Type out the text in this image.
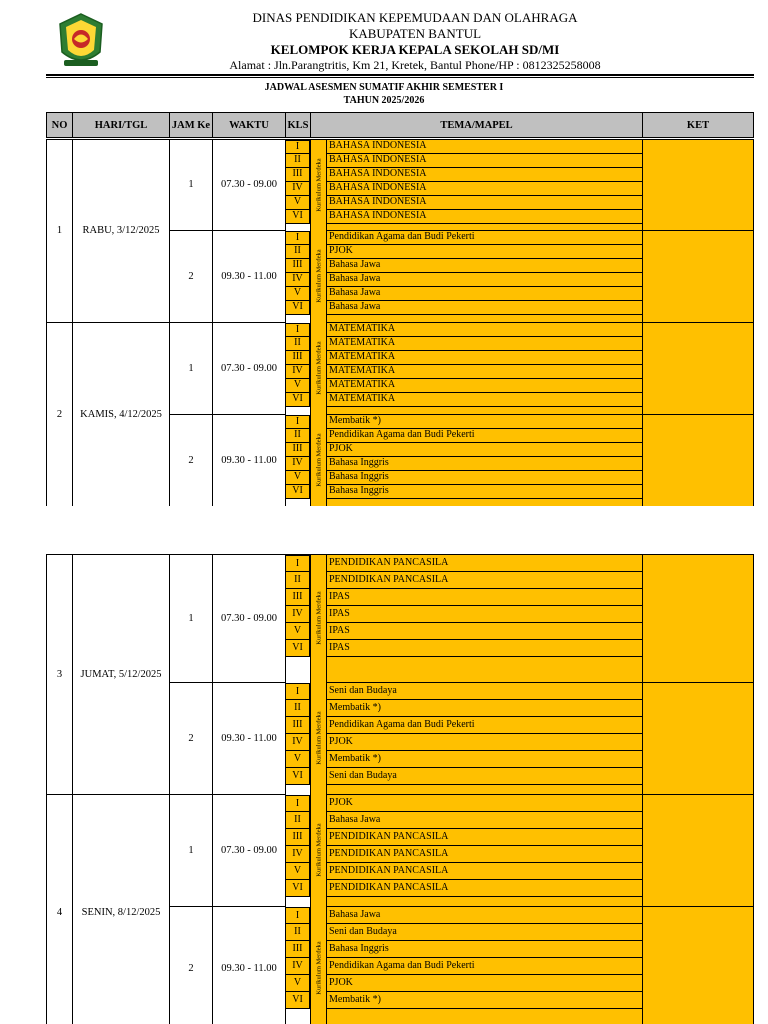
DINAS PENDIDIKAN KEPEMUDAAN DAN OLAHRAGA
KABUPATEN BANTUL
KELOMPOK KERJA KEPALA SEKOLAH SD/MI
Alamat : Jln.Parangtritis, Km 21, Kretek, Bantul Phone/HP : 0812325258008
JADWAL ASESMEN SUMATIF AKHIR SEMESTER I
TAHUN 2025/2026
NO	HARI/TGL	JAM Ke	WAKTU	KLS	TEMA/MAPEL	KET
1	RABU, 3/12/2025
1	07.30 - 09.00	Kurikulum Merdeka
I	BAHASA INDONESIA
II	BAHASA INDONESIA
III	BAHASA INDONESIA
IV	BAHASA INDONESIA
V	BAHASA INDONESIA
VI	BAHASA INDONESIA
2	09.30 - 11.00	Kurikulum Merdeka
I	Pendidikan Agama dan Budi Pekerti
II	PJOK
III	Bahasa Jawa
IV	Bahasa Jawa
V	Bahasa Jawa
VI	Bahasa Jawa
2	KAMIS, 4/12/2025
1	07.30 - 09.00	Kurikulum Merdeka
I	MATEMATIKA
II	MATEMATIKA
III	MATEMATIKA
IV	MATEMATIKA
V	MATEMATIKA
VI	MATEMATIKA
2	09.30 - 11.00	Kurikulum Merdeka
I	Membatik *)
II	Pendidikan Agama dan Budi Pekerti
III	PJOK
IV	Bahasa Inggris
V	Bahasa Inggris
VI	Bahasa Inggris
3	JUMAT, 5/12/2025
1	07.30 - 09.00	Kurikulum Merdeka
I	PENDIDIKAN PANCASILA
II	PENDIDIKAN PANCASILA
III	IPAS
IV	IPAS
V	IPAS
VI	IPAS
2	09.30 - 11.00	Kurikulum Merdeka
I	Seni dan Budaya
II	Membatik *)
III	Pendidikan Agama dan Budi Pekerti
IV	PJOK
V	Membatik *)
VI	Seni dan Budaya
4	SENIN, 8/12/2025
1	07.30 - 09.00	Kurikulum Merdeka
I	PJOK
II	Bahasa Jawa
III	PENDIDIKAN PANCASILA
IV	PENDIDIKAN PANCASILA
V	PENDIDIKAN PANCASILA
VI	PENDIDIKAN PANCASILA
2	09.30 - 11.00	Kurikulum Merdeka
I	Bahasa Jawa
II	Seni dan Budaya
III	Bahasa Inggris
IV	Pendidikan Agama dan Budi Pekerti
V	PJOK
VI	Membatik *)
